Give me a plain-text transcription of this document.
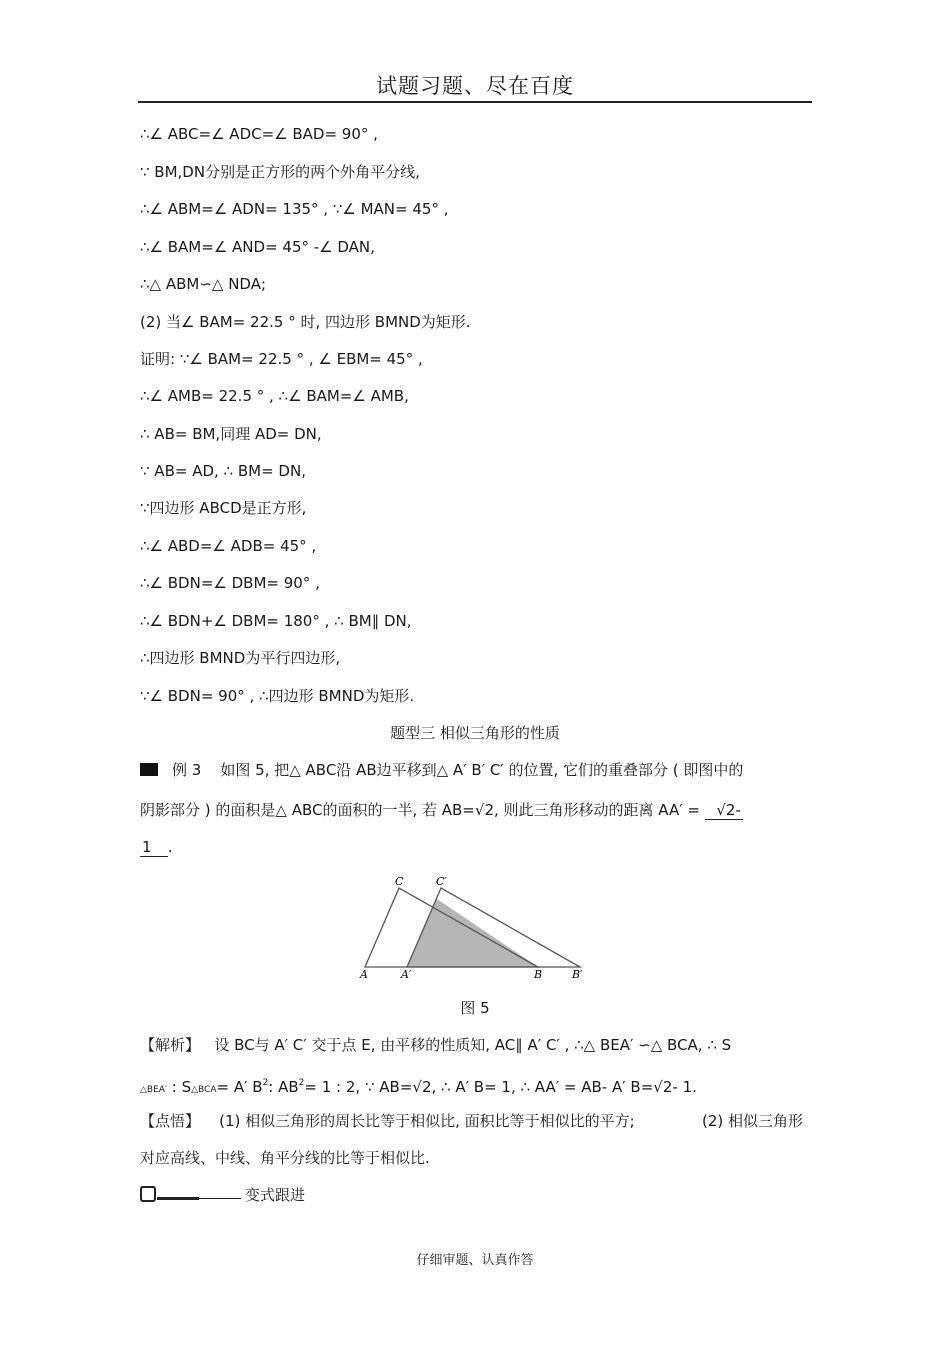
试题习题、尽在百度
∴∠ ABC=∠ ADC=∠ BAD= 90° ,
∵ BM,DN分别是正方形的两个外角平分线,
∴∠ ABM=∠ ADN= 135° , ∵∠ MAN= 45° ,
∴∠ BAM=∠ AND= 45° -∠ DAN,
∴△ ABM∽△ NDA;
(2) 当∠ BAM= 22.5 ° 时, 四边形 BMND为矩形.
证明: ∵∠ BAM= 22.5 ° , ∠ EBM= 45° ,
∴∠ AMB= 22.5 ° , ∴∠ BAM=∠ AMB,
∴ AB= BM,同理 AD= DN,
∵ AB= AD, ∴ BM= DN,
∵四边形 ABCD是正方形,
∴∠ ABD=∠ ADB= 45° ,
∴∠ BDN=∠ DBM= 90° ,
∴∠ BDN+∠ DBM= 180° , ∴ BM∥ DN,
∴四边形 BMND为平行四边形,
∵∠ BDN= 90° , ∴四边形 BMND为矩形.
题型三 相似三角形的性质
例 3 如图 5, 把△ ABC沿 AB边平移到△ A′ B′ C′ 的位置, 它们的重叠部分 ( 即图中的
阴影部分 ) 的面积是△ ABC的面积的一半, 若 AB=√2, 则此三角形移动的距离 AA′ = √2-
1 .
C	C′
A	A′	B	B′
图 5
【解析】 设 BC与 A′ C′ 交于点 E, 由平移的性质知, AC∥ A′ C′ , ∴△ BEA′ ∽△ BCA, ∴ S
△BEA′ : S△BCA= A′ $B^2$: $AB^2= 1$ : 2, ∵ AB=√2, ∴ A′ B= 1, ∴ AA′ = AB- A′ B=√2- 1.
【点悟】 (1) 相似三角形的周长比等于相似比, 面积比等于相似比的平方;	(2) 相似三角形
对应高线、中线、角平分线的比等于相似比.
变式跟进
仔细审题、认真作答
